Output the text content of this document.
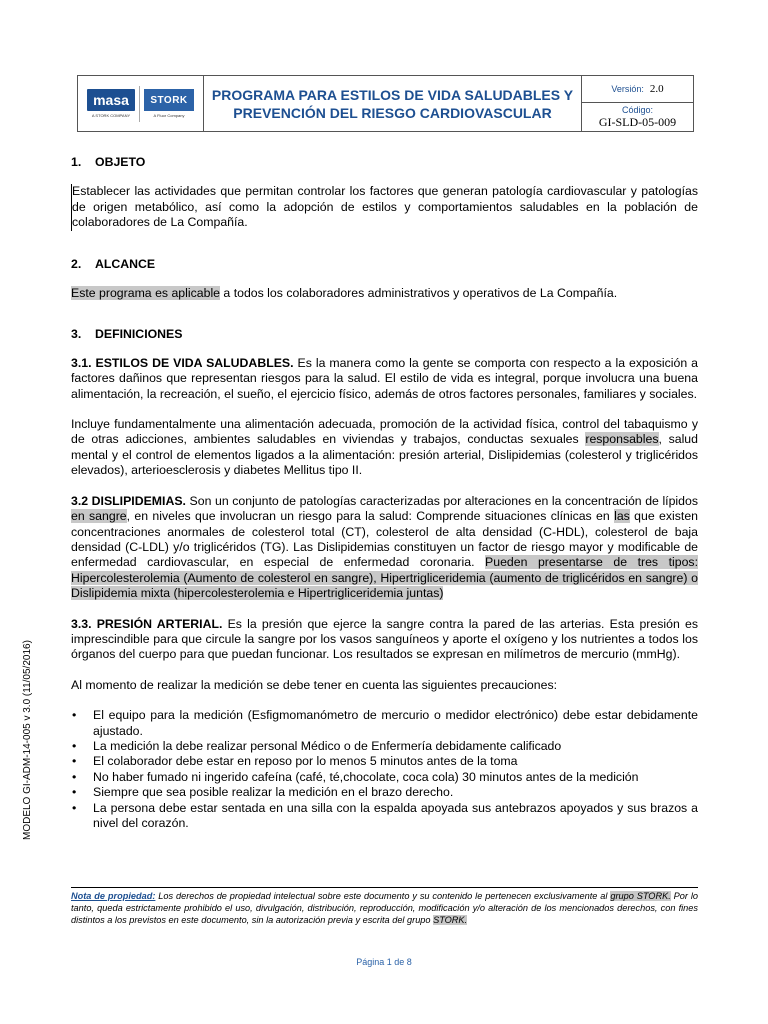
masa
A STORK COMPANY
STORK
A Fluor Company
PROGRAMA PARA ESTILOS DE VIDA SALUDABLES Y
PREVENCIÓN DEL RIESGO CARDIOVASCULAR
Versión: 2.0
Código:
GI-SLD-05-009
1. OBJETO

Establecer las actividades que permitan controlar los factores que generan patología cardiovascular y patologías de origen metabólico, así como la adopción de estilos y comportamientos saludables en la población de colaboradores de La Compañía.

2. ALCANCE

Este programa es aplicable a todos los colaboradores administrativos y operativos de La Compañía.

3. DEFINICIONES

3.1. ESTILOS DE VIDA SALUDABLES. Es la manera como la gente se comporta con respecto a la exposición a factores dañinos que representan riesgos para la salud. El estilo de vida es integral, porque involucra una buena alimentación, la recreación, el sueño, el ejercicio físico, además de otros factores personales, familiares y sociales.

Incluye fundamentalmente una alimentación adecuada, promoción de la actividad física, control del tabaquismo y de otras adicciones, ambientes saludables en viviendas y trabajos, conductas sexuales responsables, salud mental y el control de elementos ligados a la alimentación: presión arterial, Dislipidemias (colesterol y triglicéridos elevados), arterioesclerosis y diabetes Mellitus tipo II.

3.2 DISLIPIDEMIAS. Son un conjunto de patologías caracterizadas por alteraciones en la concentración de lípidos en sangre, en niveles que involucran un riesgo para la salud: Comprende situaciones clínicas en las que existen concentraciones anormales de colesterol total (CT), colesterol de alta densidad (C-HDL), colesterol de baja densidad (C-LDL) y/o triglicéridos (TG). Las Dislipidemias constituyen un factor de riesgo mayor y modificable de enfermedad cardiovascular, en especial de enfermedad coronaria. Pueden presentarse de tres tipos: Hipercolesterolemia (Aumento de colesterol en sangre), Hipertrigliceridemia (aumento de triglicéridos en sangre) o Dislipidemia mixta (hipercolesterolemia e Hipertrigliceridemia juntas)

3.3. PRESIÓN ARTERIAL. Es la presión que ejerce la sangre contra la pared de las arterias. Esta presión es imprescindible para que circule la sangre por los vasos sanguíneos y aporte el oxígeno y los nutrientes a todos los órganos del cuerpo para que puedan funcionar. Los resultados se expresan en milímetros de mercurio (mmHg).

Al momento de realizar la medición se debe tener en cuenta las siguientes precauciones:

• El equipo para la medición (Esfigmomanómetro de mercurio o medidor electrónico) debe estar debidamente ajustado.
• La medición la debe realizar personal Médico o de Enfermería debidamente calificado
• El colaborador debe estar en reposo por lo menos 5 minutos antes de la toma
• No haber fumado ni ingerido cafeína (café, té,chocolate, coca cola) 30 minutos antes de la medición
• Siempre que sea posible realizar la medición en el brazo derecho.
• La persona debe estar sentada en una silla con la espalda apoyada sus antebrazos apoyados y sus brazos a nivel del corazón.
Nota de propiedad: Los derechos de propiedad intelectual sobre este documento y su contenido le pertenecen exclusivamente al grupo STORK. Por lo tanto, queda estrictamente prohibido el uso, divulgación, distribución, reproducción, modificación y/o alteración de los mencionados derechos, con fines distintos a los previstos en este documento, sin la autorización previa y escrita del grupo STORK.
Página 1 de 8
MODELO GI-ADM-14-005 v 3.0 (11/05/2016)
